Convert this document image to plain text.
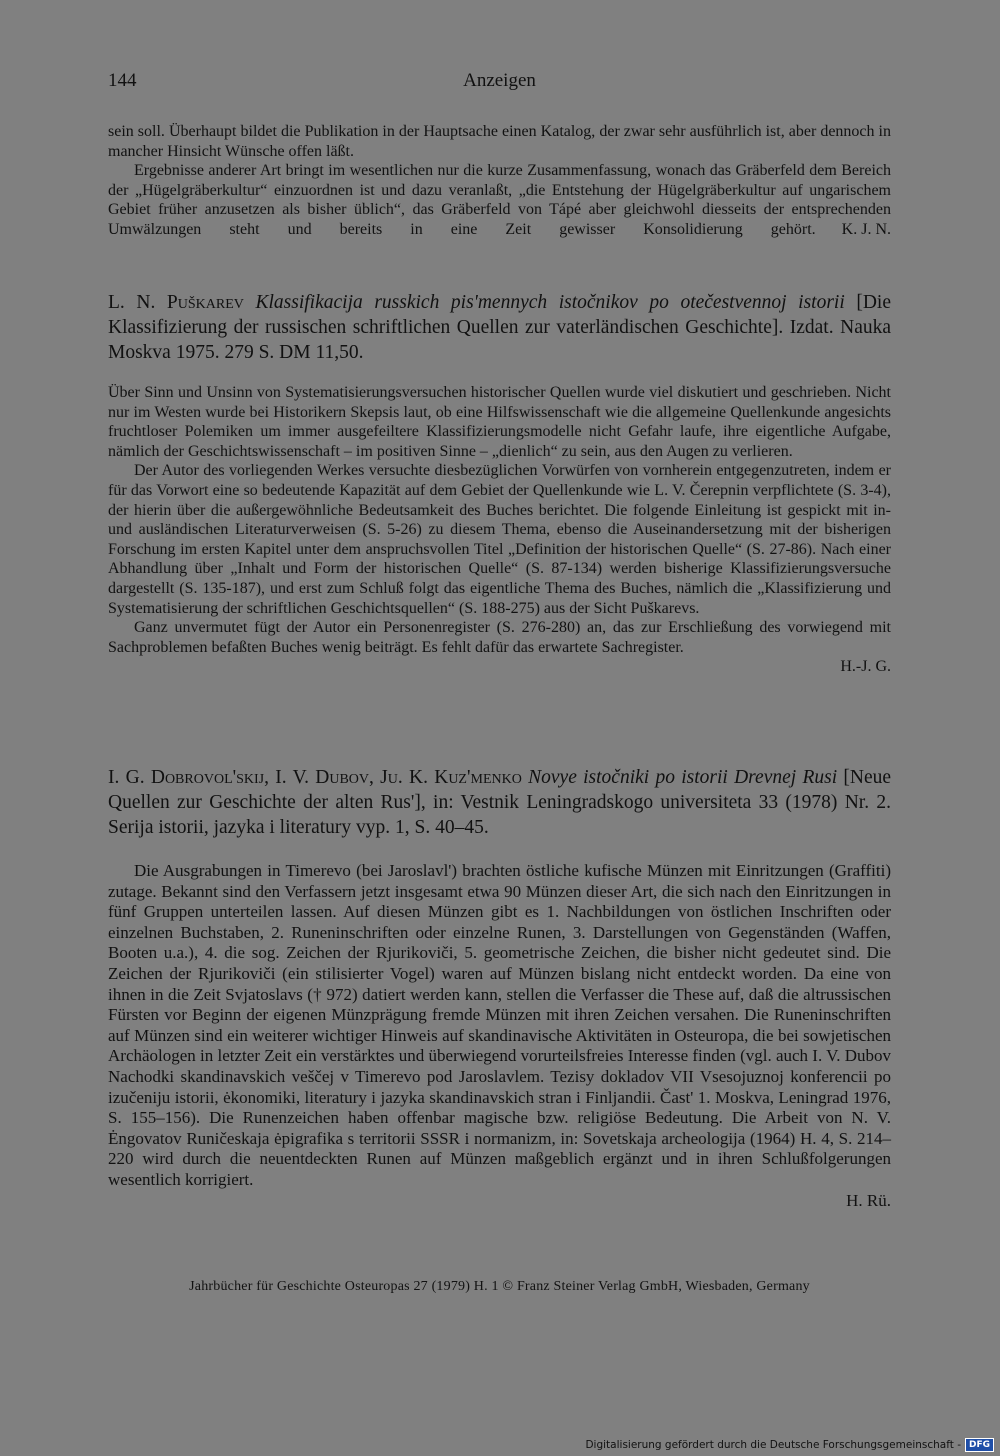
144	Anzeigen

sein soll. Überhaupt bildet die Publikation in der Hauptsache einen Katalog, der zwar sehr ausführlich ist, aber dennoch in mancher Hinsicht Wünsche offen läßt.

Ergebnisse anderer Art bringt im wesentlichen nur die kurze Zusammenfassung, wonach das Gräberfeld dem Bereich der „Hügelgräberkultur“ einzuordnen ist und dazu veranlaßt, „die Entstehung der Hügelgräberkultur auf ungarischem Gebiet früher anzusetzen als bisher üblich“, das Gräberfeld von Tápé aber gleichwohl diesseits der entsprechenden Umwälzungen steht und bereits in eine Zeit gewisser Konsolidierung gehört.	K. J. N.

L. N. Puškarev Klassifikacija russkich pis'mennych istočnikov po otečestvennoj istorii [Die Klassifizierung der russischen schriftlichen Quellen zur vaterländischen Geschichte]. Izdat. Nauka Moskva 1975. 279 S. DM 11,50.

Über Sinn und Unsinn von Systematisierungsversuchen historischer Quellen wurde viel diskutiert und geschrieben. Nicht nur im Westen wurde bei Historikern Skepsis laut, ob eine Hilfswissenschaft wie die allgemeine Quellenkunde angesichts fruchtloser Polemiken um immer ausgefeiltere Klassifizierungsmodelle nicht Gefahr laufe, ihre eigentliche Aufgabe, nämlich der Geschichtswissenschaft – im positiven Sinne – „dienlich“ zu sein, aus den Augen zu verlieren.

Der Autor des vorliegenden Werkes versuchte diesbezüglichen Vorwürfen von vornherein entgegenzutreten, indem er für das Vorwort eine so bedeutende Kapazität auf dem Gebiet der Quellenkunde wie L. V. Čerepnin verpflichtete (S. 3-4), der hierin über die außergewöhnliche Bedeutsamkeit des Buches berichtet. Die folgende Einleitung ist gespickt mit in- und ausländischen Literaturverweisen (S. 5-26) zu diesem Thema, ebenso die Auseinandersetzung mit der bisherigen Forschung im ersten Kapitel unter dem anspruchsvollen Titel „Definition der historischen Quelle“ (S. 27-86). Nach einer Abhandlung über „Inhalt und Form der historischen Quelle“ (S. 87-134) werden bisherige Klassifizierungsversuche dargestellt (S. 135-187), und erst zum Schluß folgt das eigentliche Thema des Buches, nämlich die „Klassifizierung und Systematisierung der schriftlichen Geschichtsquellen“ (S. 188-275) aus der Sicht Puškarevs.

Ganz unvermutet fügt der Autor ein Personenregister (S. 276-280) an, das zur Erschließung des vorwiegend mit Sachproblemen befaßten Buches wenig beiträgt. Es fehlt dafür das erwartete Sachregister.

H.-J. G.

I. G. Dobrovol'skij, I. V. Dubov, Ju. K. Kuz'menko Novye istočniki po istorii Drevnej Rusi [Neue Quellen zur Geschichte der alten Rus'], in: Vestnik Leningradskogo universiteta 33 (1978) Nr. 2. Serija istorii, jazyka i literatury vyp. 1, S. 40–45.

Die Ausgrabungen in Timerevo (bei Jaroslavl') brachten östliche kufische Münzen mit Einritzungen (Graffiti) zutage. Bekannt sind den Verfassern jetzt insgesamt etwa 90 Münzen dieser Art, die sich nach den Einritzungen in fünf Gruppen unterteilen lassen. Auf diesen Münzen gibt es 1. Nachbildungen von östlichen Inschriften oder einzelnen Buchstaben, 2. Runeninschriften oder einzelne Runen, 3. Darstellungen von Gegenständen (Waffen, Booten u.a.), 4. die sog. Zeichen der Rjurikoviči, 5. geometrische Zeichen, die bisher nicht gedeutet sind. Die Zeichen der Rjurikoviči (ein stilisierter Vogel) waren auf Münzen bislang nicht entdeckt worden. Da eine von ihnen in die Zeit Svjatoslavs († 972) datiert werden kann, stellen die Verfasser die These auf, daß die altrussischen Fürsten vor Beginn der eigenen Münzprägung fremde Münzen mit ihren Zeichen versahen. Die Runeninschriften auf Münzen sind ein weiterer wichtiger Hinweis auf skandinavische Aktivitäten in Osteuropa, die bei sowjetischen Archäologen in letzter Zeit ein verstärktes und überwiegend vorurteilsfreies Interesse finden (vgl. auch I. V. Dubov Nachodki skandinavskich veščej v Timerevo pod Jaroslavlem. Tezisy dokladov VII Vsesojuznoj konferencii po izučeniju istorii, ėkonomiki, literatury i jazyka skandinavskich stran i Finljandii. Čast' 1. Moskva, Leningrad 1976, S. 155–156). Die Runenzeichen haben offenbar magische bzw. religiöse Bedeutung. Die Arbeit von N. V. Ėngovatov Runičeskaja ėpigrafika s territorii SSSR i normanizm, in: Sovetskaja archeologija (1964) H. 4, S. 214–220 wird durch die neuentdeckten Runen auf Münzen maßgeblich ergänzt und in ihren Schlußfolgerungen wesentlich korrigiert.

H. Rü.

Jahrbücher für Geschichte Osteuropas 27 (1979) H. 1 © Franz Steiner Verlag GmbH, Wiesbaden, Germany
Digitalisierung gefördert durch die Deutsche Forschungsgemeinschaft - DFG
